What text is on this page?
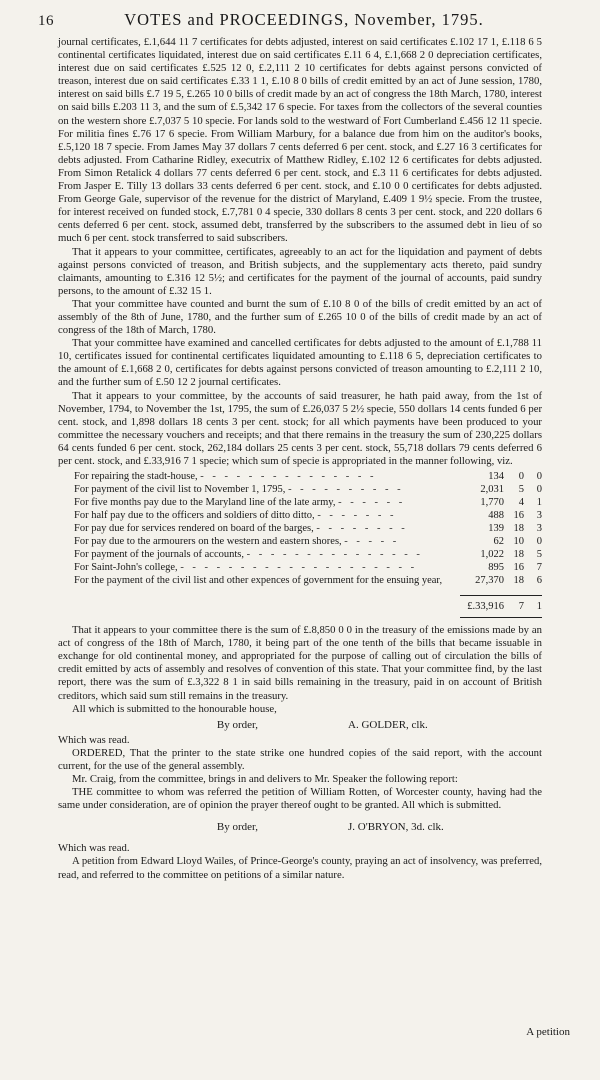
16	VOTES and PROCEEDINGS, November, 1795.

journal certificates, £.1,644 11 7 certificates for debts adjusted, interest on said certificates £.102 17 1, £.118 6 5 continental certificates liquidated, interest due on said certificates £.11 6 4, £.1,668 2 0 depreciation certificates, interest due on said certificates £.525 12 0, £.2,111 2 10 certificates for debts against persons convicted of treason, interest due on said certificates £.33 1 1, £.10 8 0 bills of credit emitted by an act of June session, 1780, interest on said bills £.7 19 5, £.265 10 0 bills of credit made by an act of congress the 18th March, 1780, interest on said bills £.203 11 3, and the sum of £.5,342 17 6 specie. For taxes from the collectors of the several counties on the western shore £.7,037 5 10 specie. For lands sold to the westward of Fort Cumberland £.456 12 11 specie. For militia fines £.76 17 6 specie. From William Marbury, for a balance due from him on the auditor's books, £.5,120 18 7 specie. From James May 37 dollars 7 cents deferred 6 per cent. stock, and £.27 16 3 certificates for debts adjusted. From Catharine Ridley, executrix of Matthew Ridley, £.102 12 6 certificates for debts adjusted. From Simon Retalick 4 dollars 77 cents deferred 6 per cent. stock, and £.3 11 6 certificates for debts adjusted. From Jasper E. Tilly 13 dollars 33 cents deferred 6 per cent. stock, and £.10 0 0 certificates for debts adjusted. From George Gale, supervisor of the revenue for the district of Maryland, £.409 1 9½ specie. From the trustee, for interest received on funded stock, £.7,781 0 4 specie, 330 dollars 8 cents 3 per cent. stock, and 220 dollars 6 cents deferred 6 per cent. stock, assumed debt, transferred by the subscribers to the assumed debt in lieu of so much 6 per cent. stock transferred to said subscribers.

That it appears to your committee, certificates, agreeably to an act for the liquidation and payment of debts against persons convicted of treason, and British subjects, and the supplementary acts thereto, paid sundry claimants, amounting to £.316 12 5½; and certificates for the payment of the journal of accounts, paid sundry persons, to the amount of £.32 15 1.

That your committee have counted and burnt the sum of £.10 8 0 of the bills of credit emitted by an act of assembly of the 8th of June, 1780, and the further sum of £.265 10 0 of the bills of credit made by an act of congress of the 18th of March, 1780.

That your committee have examined and cancelled certificates for debts adjusted to the amount of £.1,788 11 10, certificates issued for continental certificates liquidated amounting to £.118 6 5, depreciation certificates to the amount of £.1,668 2 0, certificates for debts against persons convicted of treason amounting to £.2,111 2 10, and the further sum of £.50 12 2 journal certificates.

That it appears to your committee, by the accounts of said treasurer, he hath paid away, from the 1st of November, 1794, to November the 1st, 1795, the sum of £.26,037 5 2½ specie, 550 dollars 14 cents funded 6 per cent. stock, and 1,898 dollars 18 cents 3 per cent. stock; for all which payments have been produced to your committee the necessary vouchers and receipts; and that there remains in the treasury the sum of 230,225 dollars 64 cents funded 6 per cent. stock, 262,184 dollars 25 cents 3 per cent. stock, 55,718 dollars 79 cents deferred 6 per cent. stock, and £.33,916 7 1 specie; which sum of specie is appropriated in the manner following, viz.

For repairing the stadt-house, - - - - - - - - - - - - - - -	134	0	0
For payment of the civil list to November 1, 1795, - - - - - - - - - -	2,031	5	0
For five months pay due to the Maryland line of the late army, - - - - - -	1,770	4	1
For half pay due to the officers and soldiers of ditto ditto, - - - - - - -	488 16	3
For pay due for services rendered on board of the barges, - - - - - - - -	139 18	3
For pay due to the armourers on the western and eastern shores, - - - - -	62 10	0
For payment of the journals of accounts, - - - - - - - - - - - - - - -	1,022 18	5
For Saint-John's college, - - - - - - - - - - - - - - - - - - - -	895 16	7
For the payment of the civil list and other expences of government for the ensuing year,	27,370 18	6
£.33,916	7	1

That it appears to your committee there is the sum of £.8,850 0 0 in the treasury of the emissions made by an act of congress of the 18th of March, 1780, it being part of the one tenth of the bills that became issuable in exchange for old continental money, and appropriated for the purpose of calling out of circulation the bills of credit emitted by acts of assembly and resolves of convention of this state. That your committee find, by the last report, there was the sum of £.3,322 8 1 in said bills remaining in the treasury, paid in on account of British creditors, which said sum still remains in the treasury.

All which is submitted to the honourable house,

By order,	A. GOLDER, clk.

Which was read.

ORDERED, That the printer to the state strike one hundred copies of the said report, with the account current, for the use of the general assembly.

Mr. Craig, from the committee, brings in and delivers to Mr. Speaker the following report:

THE committee to whom was referred the petition of William Rotten, of Worcester county, having had the same under consideration, are of opinion the prayer thereof ought to be granted. All which is submitted.

By order,	J. O'BRYON, 3d. clk.

Which was read.

A petition from Edward Lloyd Wailes, of Prince-George's county, praying an act of insolvency, was preferred, read, and referred to the committee on petitions of a similar nature.

A petition
